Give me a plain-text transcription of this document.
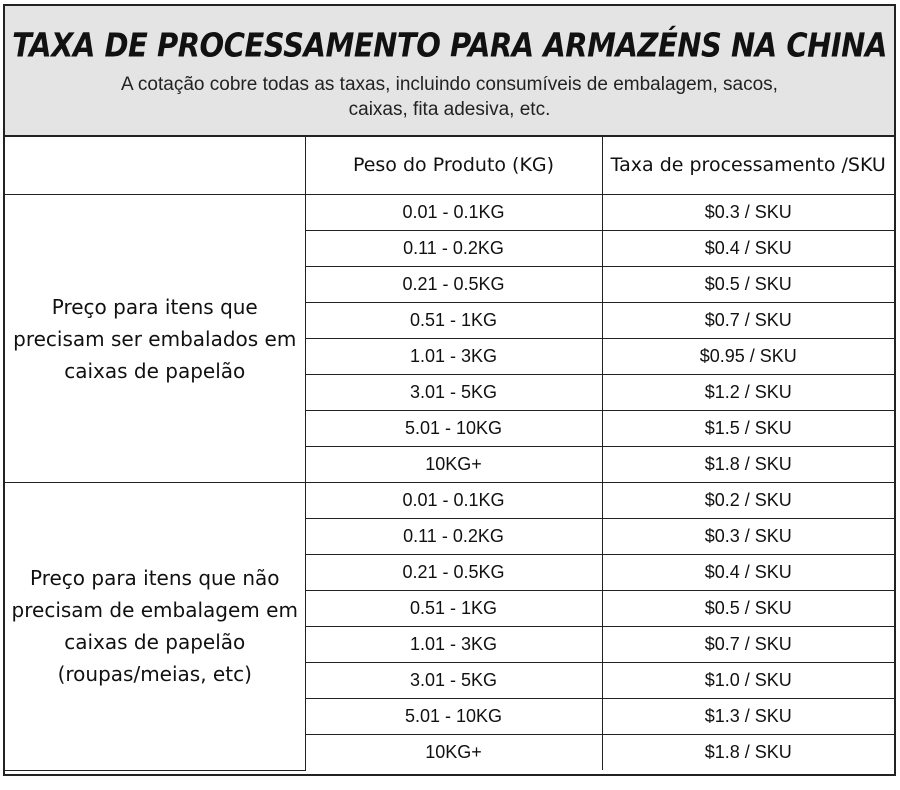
TAXA DE PROCESSAMENTO PARA ARMAZÉNS NA CHINA
A cotação cobre todas as taxas, incluindo consumíveis de embalagem, sacos, caixas, fita adesiva, etc.
	Peso do Produto (KG)	Taxa de processamento /SKU
Preço para itens que precisam ser embalados em caixas de papelão	0.01 - 0.1KG	$0.3 / SKU
	0.11 - 0.2KG	$0.4 / SKU
	0.21 - 0.5KG	$0.5 / SKU
	0.51 - 1KG	$0.7 / SKU
	1.01 - 3KG	$0.95 / SKU
	3.01 - 5KG	$1.2 / SKU
	5.01 - 10KG	$1.5 / SKU
	10KG+	$1.8 / SKU
Preço para itens que não precisam de embalagem em caixas de papelão (roupas/meias, etc)	0.01 - 0.1KG	$0.2 / SKU
	0.11 - 0.2KG	$0.3 / SKU
	0.21 - 0.5KG	$0.4 / SKU
	0.51 - 1KG	$0.5 / SKU
	1.01 - 3KG	$0.7 / SKU
	3.01 - 5KG	$1.0 / SKU
	5.01 - 10KG	$1.3 / SKU
	10KG+	$1.8 / SKU
